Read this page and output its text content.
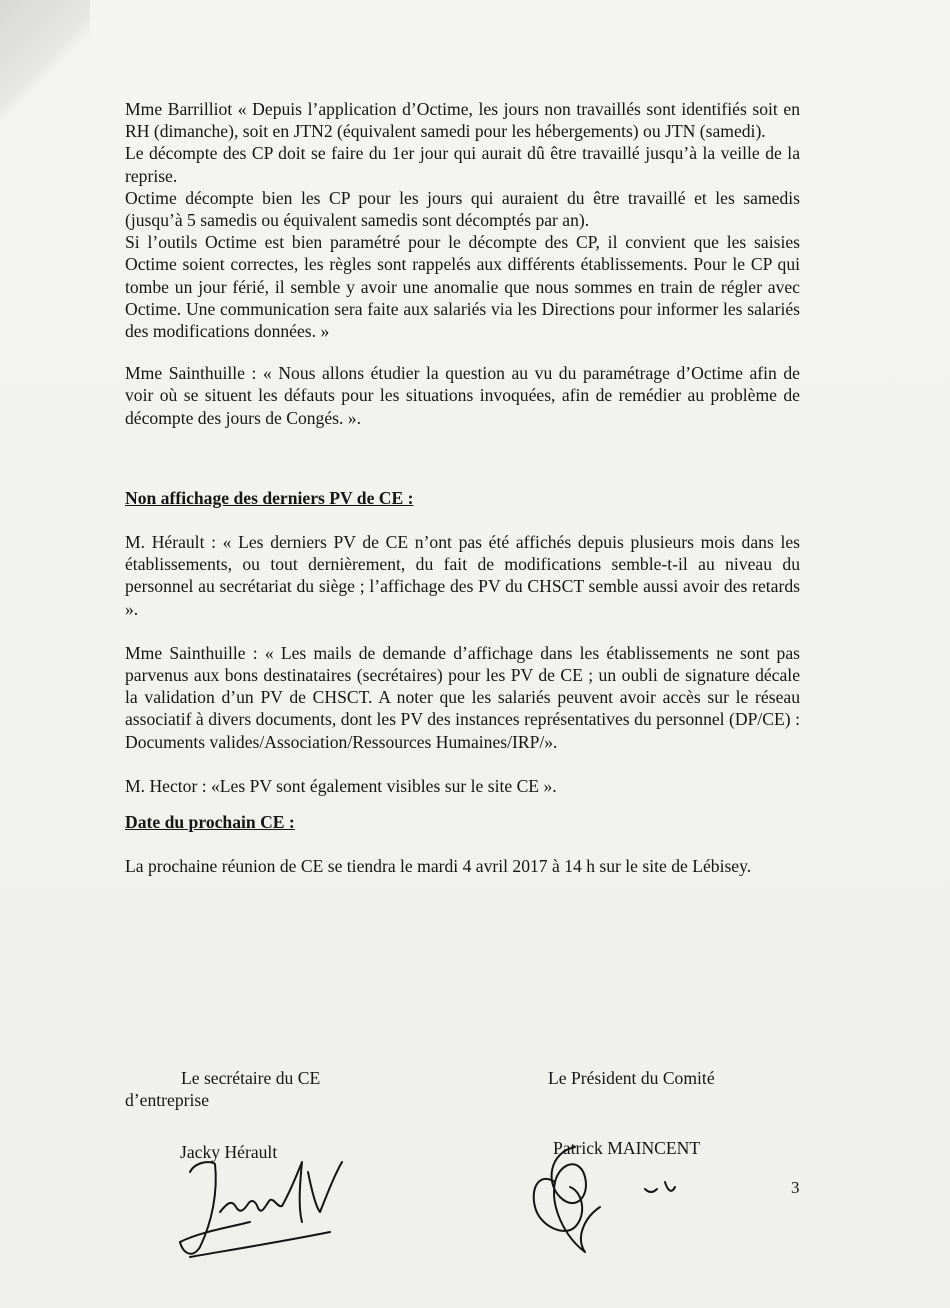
Mme Barrilliot « Depuis l’application d’Octime, les jours non travaillés sont identifiés soit en RH (dimanche), soit en JTN2 (équivalent samedi pour les hébergements) ou JTN (samedi).

Le décompte des CP doit se faire du 1er jour qui aurait dû être travaillé jusqu’à la veille de la reprise.

Octime décompte bien les CP pour les jours qui auraient du être travaillé et les samedis (jusqu’à 5 samedis ou équivalent samedis sont décomptés par an).

Si l’outils Octime est bien paramétré pour le décompte des CP, il convient que les saisies Octime soient correctes, les règles sont rappelés aux différents établissements. Pour le CP qui tombe un jour férié, il semble y avoir une anomalie que nous sommes en train de régler avec Octime. Une communication sera faite aux salariés via les Directions pour informer les salariés des modifications données. »

Mme Sainthuille : « Nous allons étudier la question au vu du paramétrage d’Octime afin de voir où se situent les défauts pour les situations invoquées, afin de remédier au problème de décompte des jours de Congés. ».

Non affichage des derniers PV de CE :

M. Hérault : « Les derniers PV de CE n’ont pas été affichés depuis plusieurs mois dans les établissements, ou tout dernièrement, du fait de modifications semble-t-il au niveau du personnel au secrétariat du siège ; l’affichage des PV du CHSCT semble aussi avoir des retards ».

Mme Sainthuille : « Les mails de demande d’affichage dans les établissements ne sont pas parvenus aux bons destinataires (secrétaires) pour les PV de CE ; un oubli de signature décale la validation d’un PV de CHSCT. A noter que les salariés peuvent avoir accès sur le réseau associatif à divers documents, dont les PV des instances représentatives du personnel (DP/CE) : Documents valides/Association/Ressources Humaines/IRP/».

M. Hector : «Les PV sont également visibles sur le site CE ».

Date du prochain CE :

La prochaine réunion de CE se tiendra le mardi 4 avril 2017 à 14 h sur le site de Lébisey.

Le secrétaire du CE
d’entreprise
Le Président du Comité
Jacky Hérault	Patrick MAINCENT
3
